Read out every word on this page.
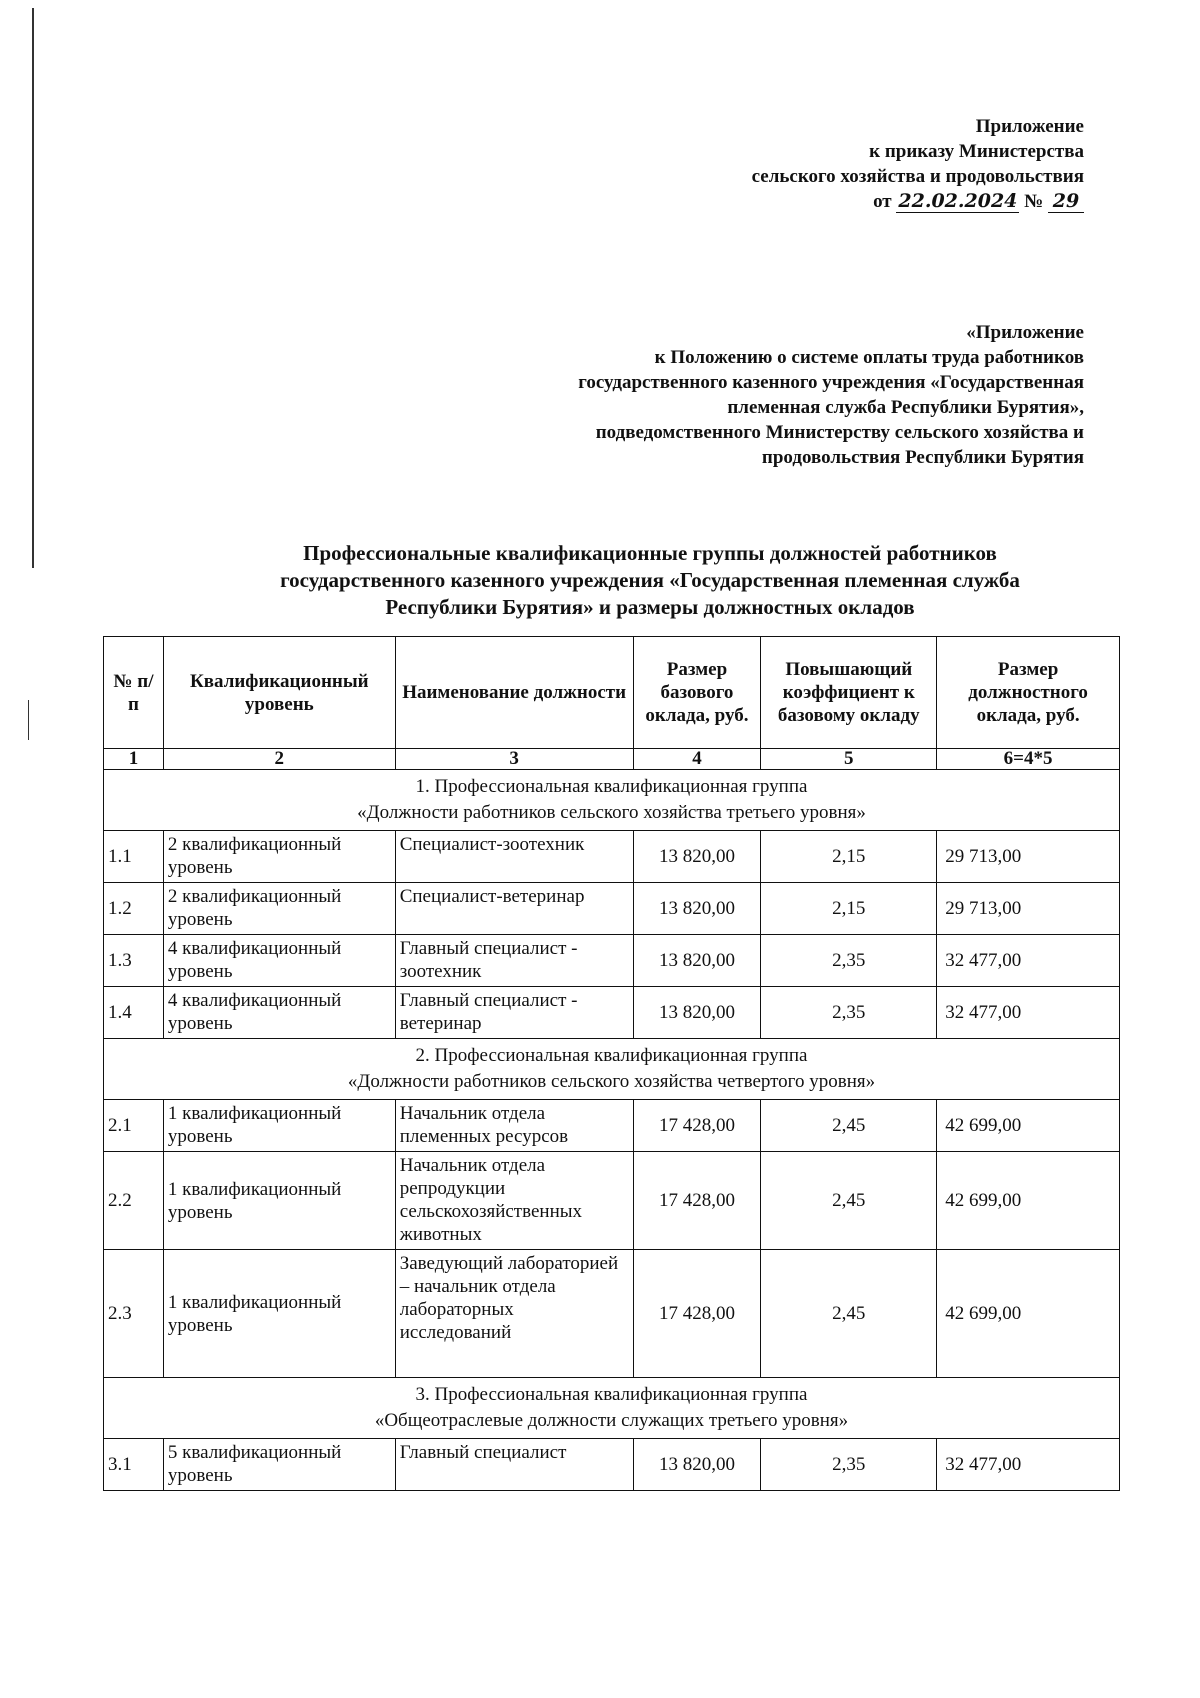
Приложение
к приказу Министерства
сельского хозяйства и продовольствия
от 22.02.2024 № 29
«Приложение
к Положению о системе оплаты труда работников
государственного казенного учреждения «Государственная
племенная служба Республики Бурятия»,
подведомственного Министерству сельского хозяйства и
продовольствия Республики Бурятия
Профессиональные квалификационные группы должностей работников
государственного казенного учреждения «Государственная племенная служба
Республики Бурятия» и размеры должностных окладов
№ п/п	Квалификационный уровень	Наименование должности	Размер базового оклада, руб.	Повышающий коэффициент к базовому окладу	Размер должностного оклада, руб.
1	2	3	4	5	6=4*5

1. Профессиональная квалификационная группа
«Должности работников сельского хозяйства третьего уровня»					

1.1	2 квалификационный уровень	Специалист-зоотехник	13 820,00	2,15	29 713,00
1.2	2 квалификационный уровень	Специалист-ветеринар	13 820,00	2,15	29 713,00
1.3	4 квалификационный уровень	Главный специалист - зоотехник	13 820,00	2,35	32 477,00
1.4	4 квалификационный уровень	Главный специалист - ветеринар	13 820,00	2,35	32 477,00

2. Профессиональная квалификационная группа
«Должности работников сельского хозяйства четвертого уровня»					

2.1	1 квалификационный уровень	Начальник отдела племенных ресурсов	17 428,00	2,45	42 699,00
2.2	1 квалификационный уровень	Начальник отдела репродукции сельскохозяйственных животных	17 428,00	2,45	42 699,00
2.3	1 квалификационный уровень	Заведующий лабораторией – начальник отдела лабораторных исследований	17 428,00	2,45	42 699,00

3. Профессиональная квалификационная группа
«Общеотраслевые должности служащих третьего уровня»					

3.1	5 квалификационный уровень	Главный специалист	13 820,00	2,35	32 477,00
